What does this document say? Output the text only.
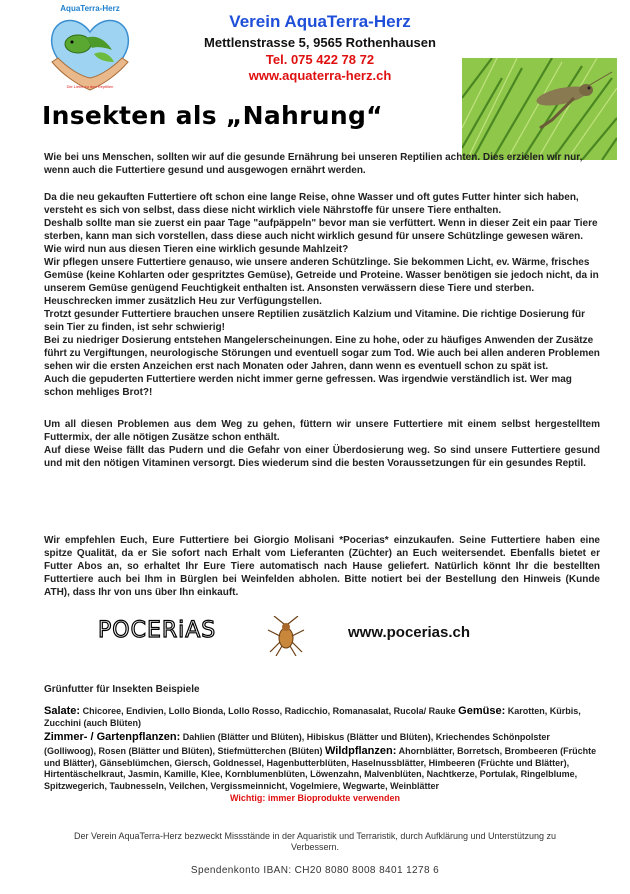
AquaTerra-Herz
Die Liebe zu den Reptilien
Verein AquaTerra-Herz
Mettlenstrasse 5, 9565 Rothenhausen
Tel. 075 422 78 72
www.aquaterra-herz.ch
Insekten als „Nahrung“

Wie bei uns Menschen, sollten wir auf die gesunde Ernährung bei unseren Reptilien achten. Dies erzielen wir nur, wenn auch die Futtertiere gesund und ausgewogen ernährt werden.

Da die neu gekauften Futtertiere oft schon eine lange Reise, ohne Wasser und oft gutes Futter hinter sich haben, versteht es sich von selbst, dass diese nicht wirklich viele Nährstoffe für unsere Tiere enthalten.

Deshalb sollte man sie zuerst ein paar Tage "aufpäppeln" bevor man sie verfüttert. Wenn in dieser Zeit ein paar Tiere sterben, kann man sich vorstellen, dass diese auch nicht wirklich gesund für unsere Schützlinge gewesen wären.

Wie wird nun aus diesen Tieren eine wirklich gesunde Mahlzeit?

Wir pflegen unsere Futtertiere genauso, wie unsere anderen Schützlinge. Sie bekommen Licht, ev. Wärme, frisches Gemüse (keine Kohlarten oder gespritztes Gemüse), Getreide und Proteine. Wasser benötigen sie jedoch nicht, da in unserem Gemüse genügend Feuchtigkeit enthalten ist. Ansonsten verwässern diese Tiere und sterben. Heuschrecken immer zusätzlich Heu zur Verfügungstellen.

Trotzt gesunder Futtertiere brauchen unsere Reptilien zusätzlich Kalzium und Vitamine. Die richtige Dosierung für sein Tier zu finden, ist sehr schwierig!

Bei zu niedriger Dosierung entstehen Mangelerscheinungen. Eine zu hohe, oder zu häufiges Anwenden der Zusätze führt zu Vergiftungen, neurologische Störungen und eventuell sogar zum Tod. Wie auch bei allen anderen Problemen sehen wir die ersten Anzeichen erst nach Monaten oder Jahren, dann wenn es eventuell schon zu spät ist.

Auch die gepuderten Futtertiere werden nicht immer gerne gefressen. Was irgendwie verständlich ist. Wer mag schon mehliges Brot?!

Um all diesen Problemen aus dem Weg zu gehen, füttern wir unsere Futtertiere mit einem selbst hergestelltem Futtermix, der alle nötigen Zusätze schon enthält.

Auf diese Weise fällt das Pudern und die Gefahr von einer Überdosierung weg. So sind unsere Futtertiere gesund und mit den nötigen Vitaminen versorgt. Dies wiederum sind die besten Voraussetzungen für ein gesundes Reptil.

Wir empfehlen Euch, Eure Futtertiere bei Giorgio Molisani *Pocerias* einzukaufen. Seine Futtertiere haben eine spitze Qualität, da er Sie sofort nach Erhalt vom Lieferanten (Züchter) an Euch weitersendet. Ebenfalls bietet er Futter Abos an, so erhaltet Ihr Eure Tiere automatisch nach Hause geliefert. Natürlich könnt Ihr die bestellten Futtertiere auch bei Ihm in Bürglen bei Weinfelden abholen. Bitte notiert bei der Bestellung den Hinweis (Kunde ATH), dass Ihr von uns über Ihn einkauft.

POCERiAS	www.pocerias.ch
Grünfutter für Insekten Beispiele

Salate: Chicoree, Endivien, Lollo Bionda, Lollo Rosso, Radicchio, Romanasalat, Rucola/ Rauke Gemüse: Karotten, Kürbis, Zucchini (auch Blüten)
Zimmer- / Gartenpflanzen: Dahlien (Blätter und Blüten), Hibiskus (Blätter und Blüten), Kriechendes Schönpolster (Golliwoog), Rosen (Blätter und Blüten), Stiefmütterchen (Blüten) Wildpflanzen: Ahornblätter, Borretsch, Brombeeren (Früchte und Blätter), Gänseblümchen, Giersch, Goldnessel, Hagenbutterblüten, Haselnussblätter, Himbeeren (Früchte und Blätter), Hirtentäschelkraut, Jasmin, Kamille, Klee, Kornblumenblüten, Löwenzahn, Malvenblüten, Nachtkerze, Portulak, Ringelblume, Spitzwegerich, Taubnesseln, Veilchen, Vergissmeinnicht, Vogelmiere, Wegwarte, Weinblätter

Wichtig: immer Bioprodukte verwenden
Der Verein AquaTerra-Herz bezweckt Missstände in der Aquaristik und Terraristik, durch Aufklärung und Unterstützung zu Verbessern.
Spendenkonto IBAN: CH20 8080 8008 8401 1278 6
